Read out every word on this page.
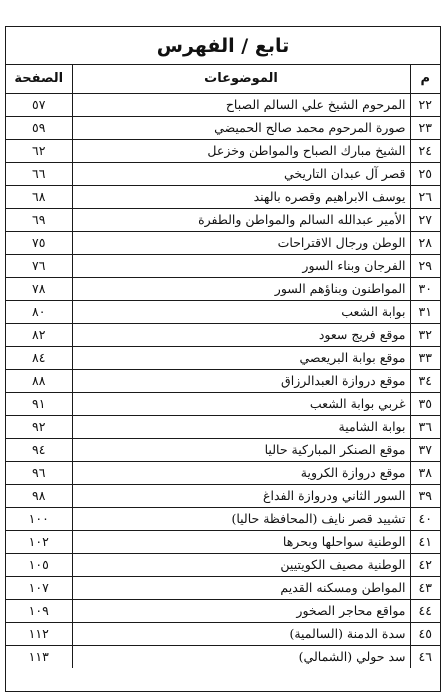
تابع / الفهرس
م	الموضوعات	الصفحة
٢٢	المرحوم الشيخ علي السالم الصباح	٥٧
٢٣	صورة المرحوم محمد صالح الحميضي	٥٩
٢٤	الشيخ مبارك الصباح والمواطن وخزعل	٦٢
٢٥	قصر آل عبدان التاريخي	٦٦
٢٦	يوسف الابراهيم وقصره بالهند	٦٨
٢٧	الأمير عبدالله السالم والمواطن والطفرة	٦٩
٢٨	الوطن ورجال الاقتراحات	٧٥
٢٩	الفرجان وبناء السور	٧٦
٣٠	المواطنون وبناؤهم السور	٧٨
٣١	بوابة الشعب	٨٠
٣٢	موقع فريج سعود	٨٢
٣٣	موقع بوابة البريعصي	٨٤
٣٤	موقع دروازة العبدالرزاق	٨٨
٣٥	غربي بوابة الشعب	٩١
٣٦	بوابة الشامية	٩٢
٣٧	موقع الصنكر المباركية حاليا	٩٤
٣٨	موقع دروازة الكروية	٩٦
٣٩	السور الثاني ودروازة الفداغ	٩٨
٤٠	تشييد قصر نايف (المحافظة حاليا)	١٠٠
٤١	الوطنية سواحلها وبحرها	١٠٢
٤٢	الوطنية مصيف الكويتيين	١٠٥
٤٣	المواطن ومسكنه القديم	١٠٧
٤٤	مواقع محاجر الصخور	١٠٩
٤٥	سدة الدمنة (السالمية)	١١٢
٤٦	سد حولي (الشمالي)	١١٣
